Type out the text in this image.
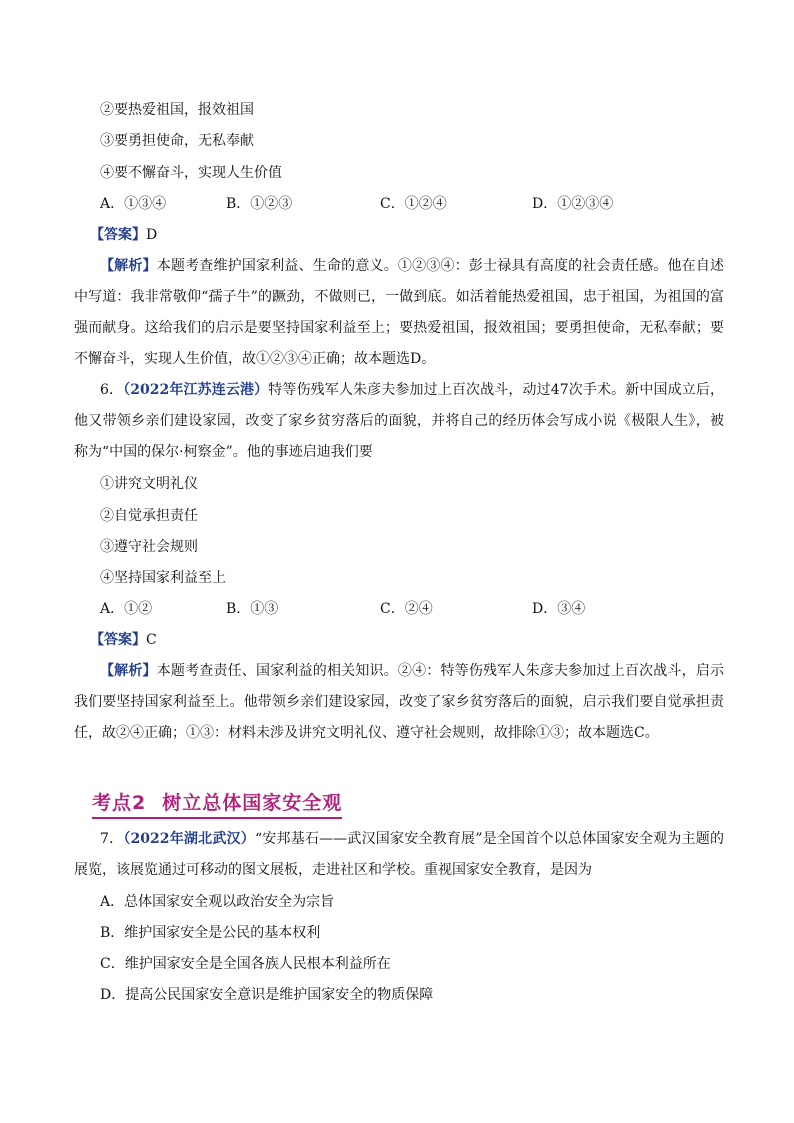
②要热爱祖国，报效祖国
③要勇担使命，无私奉献
④要不懈奋斗，实现人生价值
A．①③④	B．①②③	C．①②④	D．①②③④
【答案】D
【解析】本题考查维护国家利益、生命的意义。①②③④：彭士禄具有高度的社会责任感。他在自述中写道：我非常敬仰“孺子牛”的蹶劲，不做则已，一做到底。如活着能热爱祖国，忠于祖国，为祖国的富强而献身。这给我们的启示是要坚持国家利益至上；要热爱祖国，报效祖国；要勇担使命，无私奉献；要不懈奋斗，实现人生价值，故①②③④正确；故本题选D。
6．（2022年江苏连云港）特等伤残军人朱彦夫参加过上百次战斗，动过47次手术。新中国成立后，他又带领乡亲们建设家园，改变了家乡贫穷落后的面貌，并将自己的经历体会写成小说《极限人生》，被称为“中国的保尔·柯察金”。他的事迹启迪我们要
①讲究文明礼仪
②自觉承担责任
③遵守社会规则
④坚持国家利益至上
A．①②	B．①③	C．②④	D．③④
【答案】C
【解析】本题考查责任、国家利益的相关知识。②④：特等伤残军人朱彦夫参加过上百次战斗，启示我们要坚持国家利益至上。他带领乡亲们建设家园，改变了家乡贫穷落后的面貌，启示我们要自觉承担责任，故②④正确；①③：材料未涉及讲究文明礼仪、遵守社会规则，故排除①③；故本题选C。
考点2 树立总体国家安全观
7．（2022年湖北武汉）“安邦基石——武汉国家安全教育展”是全国首个以总体国家安全观为主题的展览，该展览通过可移动的图文展板，走进社区和学校。重视国家安全教育，是因为
A．总体国家安全观以政治安全为宗旨
B．维护国家安全是公民的基本权利
C．维护国家安全是全国各族人民根本利益所在
D．提高公民国家安全意识是维护国家安全的物质保障
